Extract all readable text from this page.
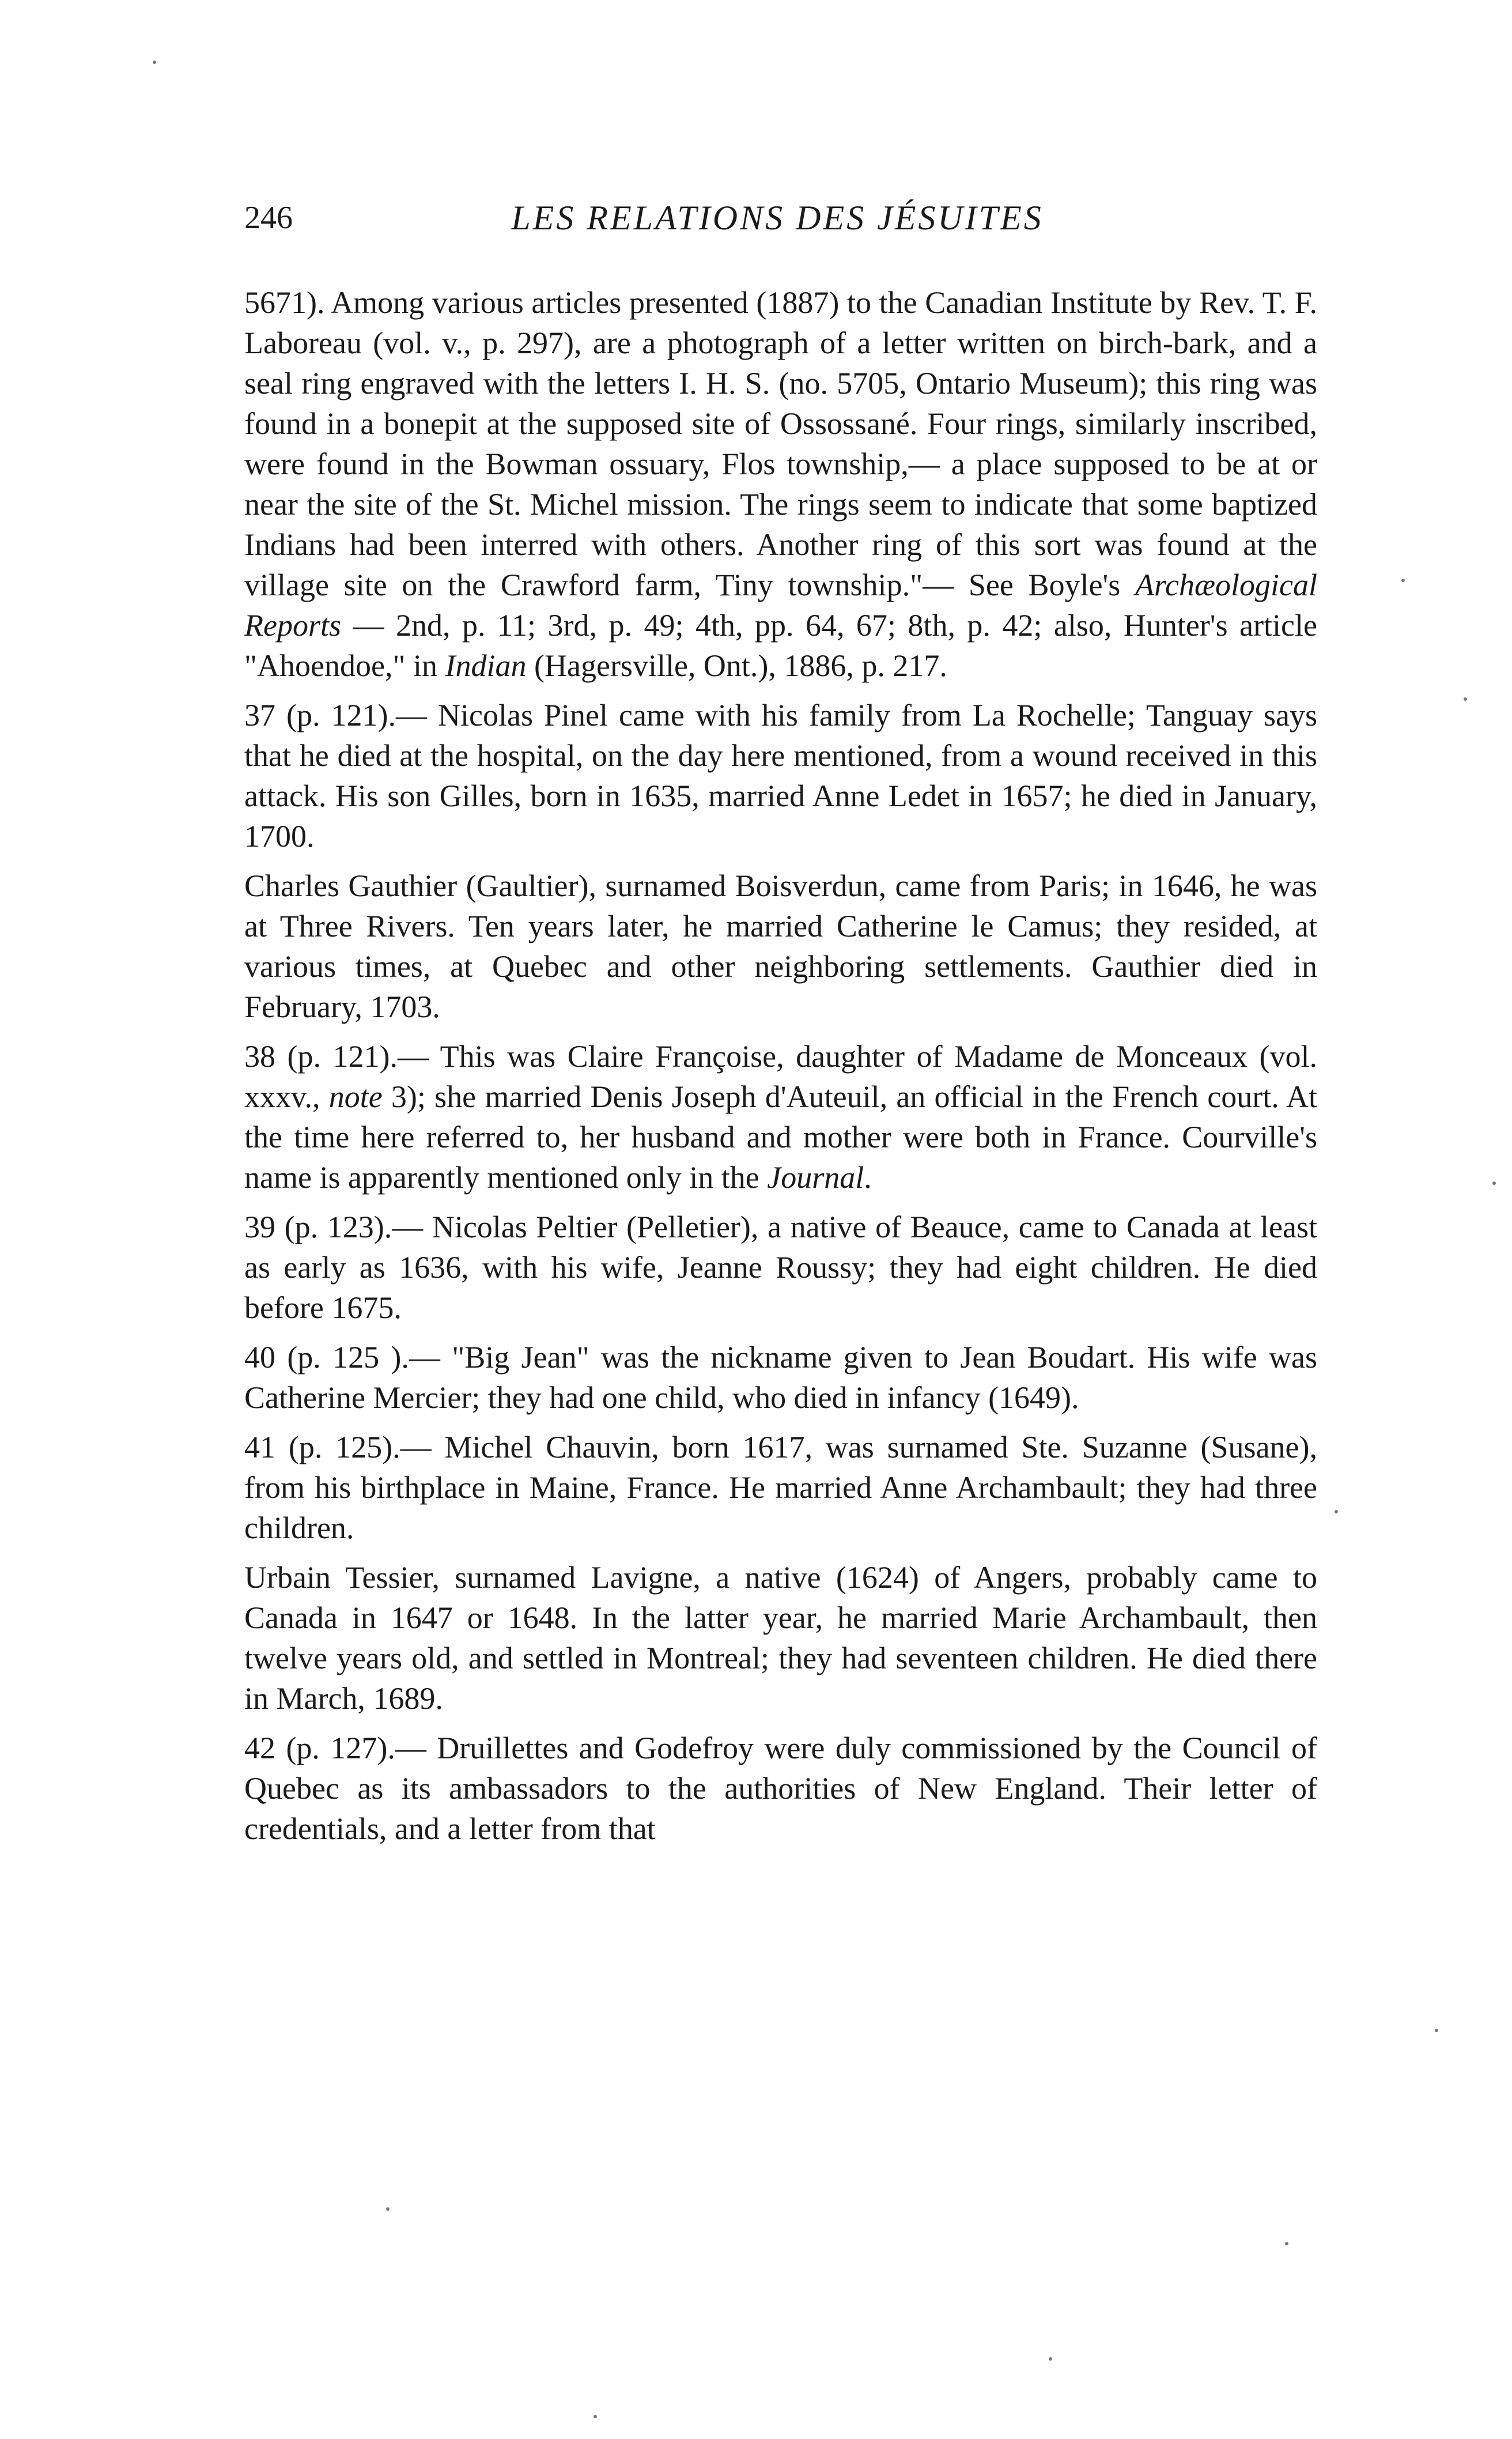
246	LES RELATIONS DES JÉSUITES

5671). Among various articles presented (1887) to the Canadian Institute by Rev. T. F. Laboreau (vol. v., p. 297), are a photograph of a letter written on birch-bark, and a seal ring engraved with the letters I. H. S. (no. 5705, Ontario Museum); this ring was found in a bonepit at the supposed site of Ossossané. Four rings, similarly inscribed, were found in the Bowman ossuary, Flos township,— a place supposed to be at or near the site of the St. Michel mission. The rings seem to indicate that some baptized Indians had been interred with others. Another ring of this sort was found at the village site on the Crawford farm, Tiny township."— See Boyle's Archæological Reports — 2nd, p. 11; 3rd, p. 49; 4th, pp. 64, 67; 8th, p. 42; also, Hunter's article "Ahoendoe," in Indian (Hagersville, Ont.), 1886, p. 217.

37 (p. 121).— Nicolas Pinel came with his family from La Rochelle; Tanguay says that he died at the hospital, on the day here mentioned, from a wound received in this attack. His son Gilles, born in 1635, married Anne Ledet in 1657; he died in January, 1700.

Charles Gauthier (Gaultier), surnamed Boisverdun, came from Paris; in 1646, he was at Three Rivers. Ten years later, he married Catherine le Camus; they resided, at various times, at Quebec and other neighboring settlements. Gauthier died in February, 1703.

38 (p. 121).— This was Claire Françoise, daughter of Madame de Monceaux (vol. xxxv., note 3); she married Denis Joseph d'Auteuil, an official in the French court. At the time here referred to, her husband and mother were both in France. Courville's name is apparently mentioned only in the Journal.

39 (p. 123).— Nicolas Peltier (Pelletier), a native of Beauce, came to Canada at least as early as 1636, with his wife, Jeanne Roussy; they had eight children. He died before 1675.

40 (p. 125 ).— "Big Jean" was the nickname given to Jean Boudart. His wife was Catherine Mercier; they had one child, who died in infancy (1649).

41 (p. 125).— Michel Chauvin, born 1617, was surnamed Ste. Suzanne (Susane), from his birthplace in Maine, France. He married Anne Archambault; they had three children.

Urbain Tessier, surnamed Lavigne, a native (1624) of Angers, probably came to Canada in 1647 or 1648. In the latter year, he married Marie Archambault, then twelve years old, and settled in Montreal; they had seventeen children. He died there in March, 1689.

42 (p. 127).— Druillettes and Godefroy were duly commissioned by the Council of Quebec as its ambassadors to the authorities of New England. Their letter of credentials, and a letter from that
